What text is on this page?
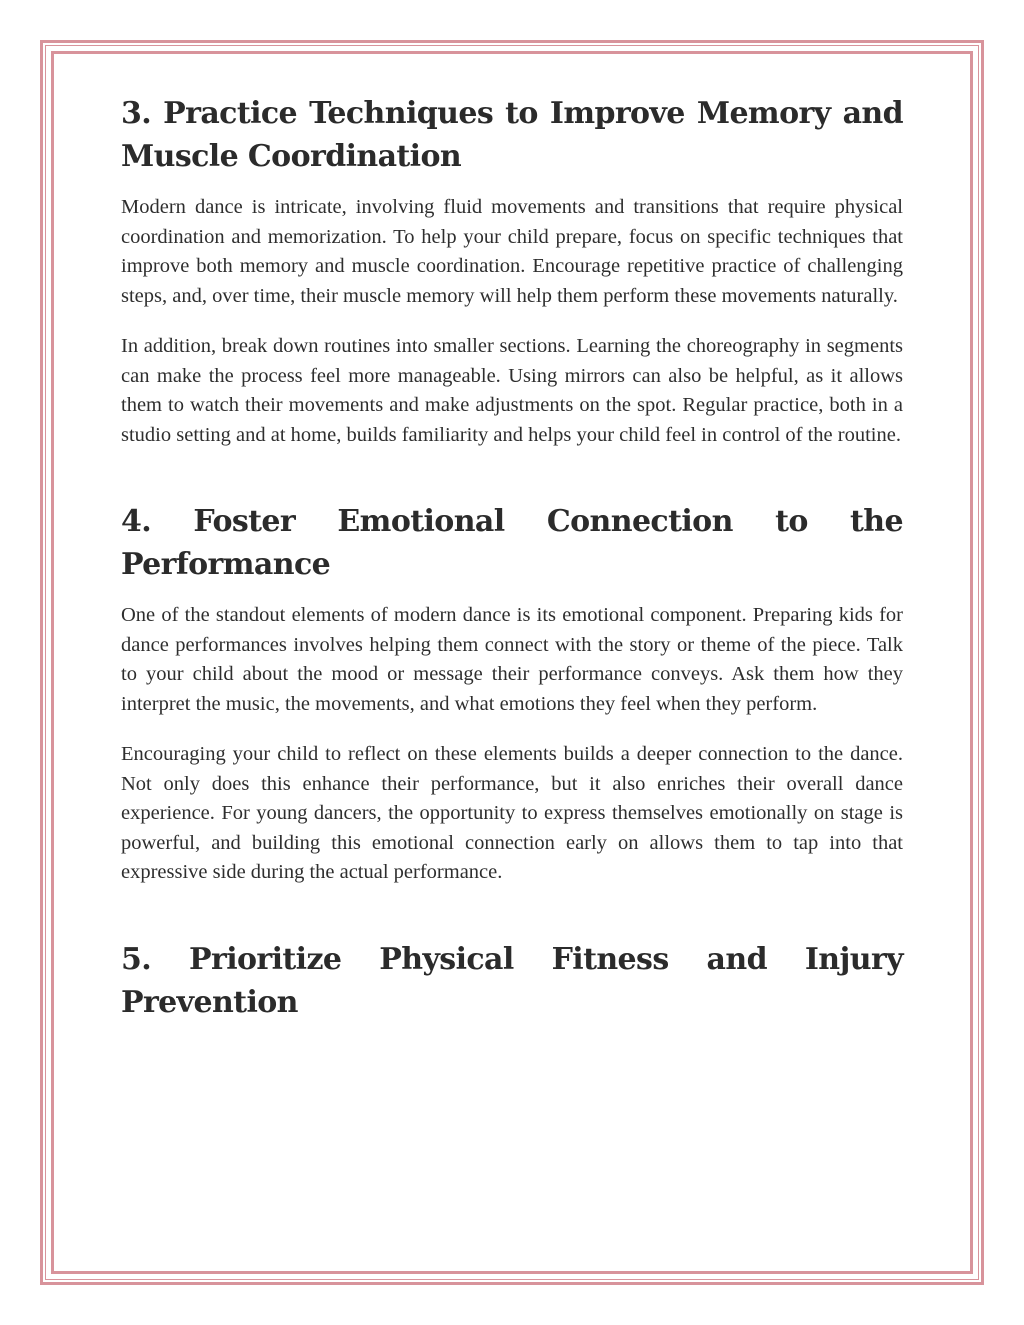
3. Practice Techniques to Improve Memory and Muscle Coordination

Modern dance is intricate, involving fluid movements and transitions that require physical coordination and memorization. To help your child prepare, focus on specific techniques that improve both memory and muscle coordination. Encourage repetitive practice of challenging steps, and, over time, their muscle memory will help them perform these movements naturally.

In addition, break down routines into smaller sections. Learning the choreography in segments can make the process feel more manageable. Using mirrors can also be helpful, as it allows them to watch their movements and make adjustments on the spot. Regular practice, both in a studio setting and at home, builds familiarity and helps your child feel in control of the routine.

4. Foster Emotional Connection to the Performance

One of the standout elements of modern dance is its emotional component. Preparing kids for dance performances involves helping them connect with the story or theme of the piece. Talk to your child about the mood or message their performance conveys. Ask them how they interpret the music, the movements, and what emotions they feel when they perform.

Encouraging your child to reflect on these elements builds a deeper connection to the dance. Not only does this enhance their performance, but it also enriches their overall dance experience. For young dancers, the opportunity to express themselves emotionally on stage is powerful, and building this emotional connection early on allows them to tap into that expressive side during the actual performance.

5. Prioritize Physical Fitness and Injury Prevention
